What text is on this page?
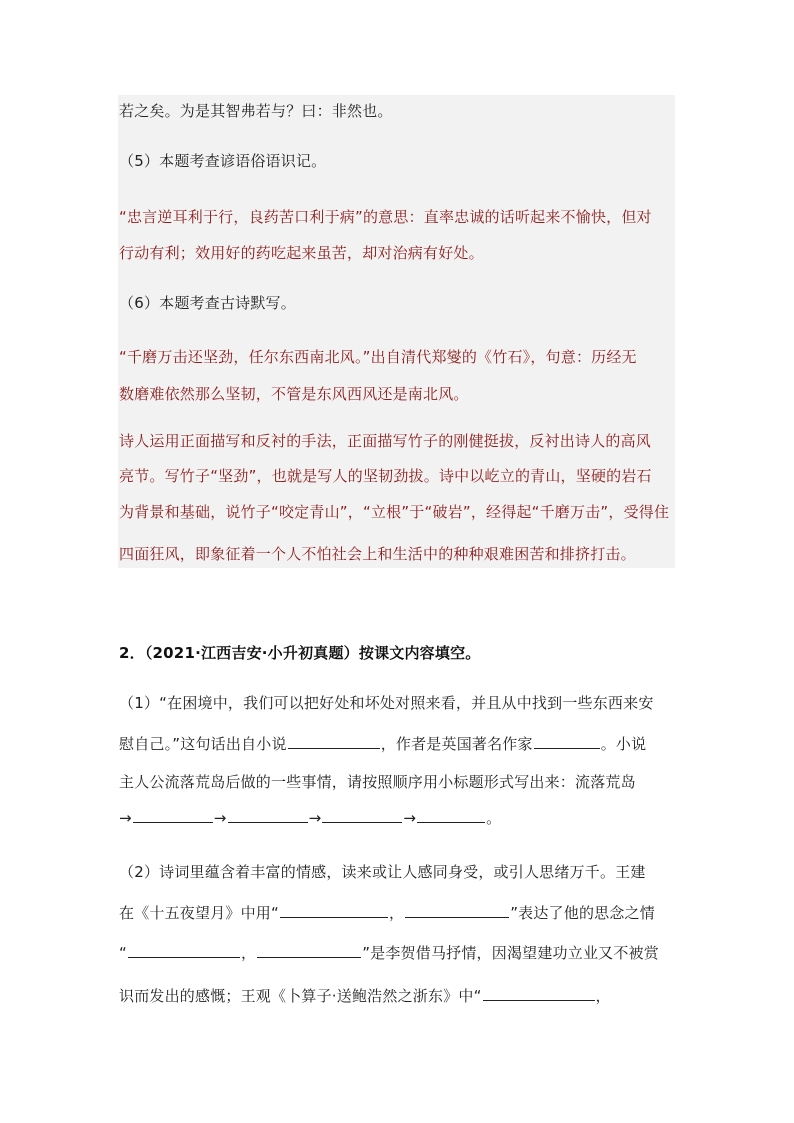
若之矣。为是其智弗若与？曰：非然也。
（5）本题考查谚语俗语识记。
“忠言逆耳利于行，良药苦口利于病”的意思：直率忠诚的话听起来不愉快，但对
行动有利；效用好的药吃起来虽苦，却对治病有好处。
（6）本题考查古诗默写。
“千磨万击还坚劲，任尔东西南北风。”出自清代郑燮的《竹石》，句意：历经无
数磨难依然那么坚韧，不管是东风西风还是南北风。
诗人运用正面描写和反衬的手法，正面描写竹子的刚健挺拔，反衬出诗人的高风
亮节。写竹子“坚劲”，也就是写人的坚韧劲拔。诗中以屹立的青山，坚硬的岩石
为背景和基础，说竹子“咬定青山”，“立根”于“破岩”，经得起“千磨万击”，受得住
四面狂风，即象征着一个人不怕社会上和生活中的种种艰难困苦和排挤打击。
2．（2021·江西吉安·小升初真题）按课文内容填空。
（1）“在困境中，我们可以把好处和坏处对照来看，并且从中找到一些东西来安
慰自己。”这句话出自小说	，作者是英国著名作家	。小说
主人公流落荒岛后做的一些事情，请按照顺序用小标题形式写出来：流落荒岛
→	→	→	→	。
（2）诗词里蕴含着丰富的情感，读来或让人感同身受，或引人思绪万千。王建
在《十五夜望月》中用“	，	”表达了他的思念之情
“	，	”是李贺借马抒情，因渴望建功立业又不被赏
识而发出的感慨；王观《卜算子·送鲍浩然之浙东》中“	，
